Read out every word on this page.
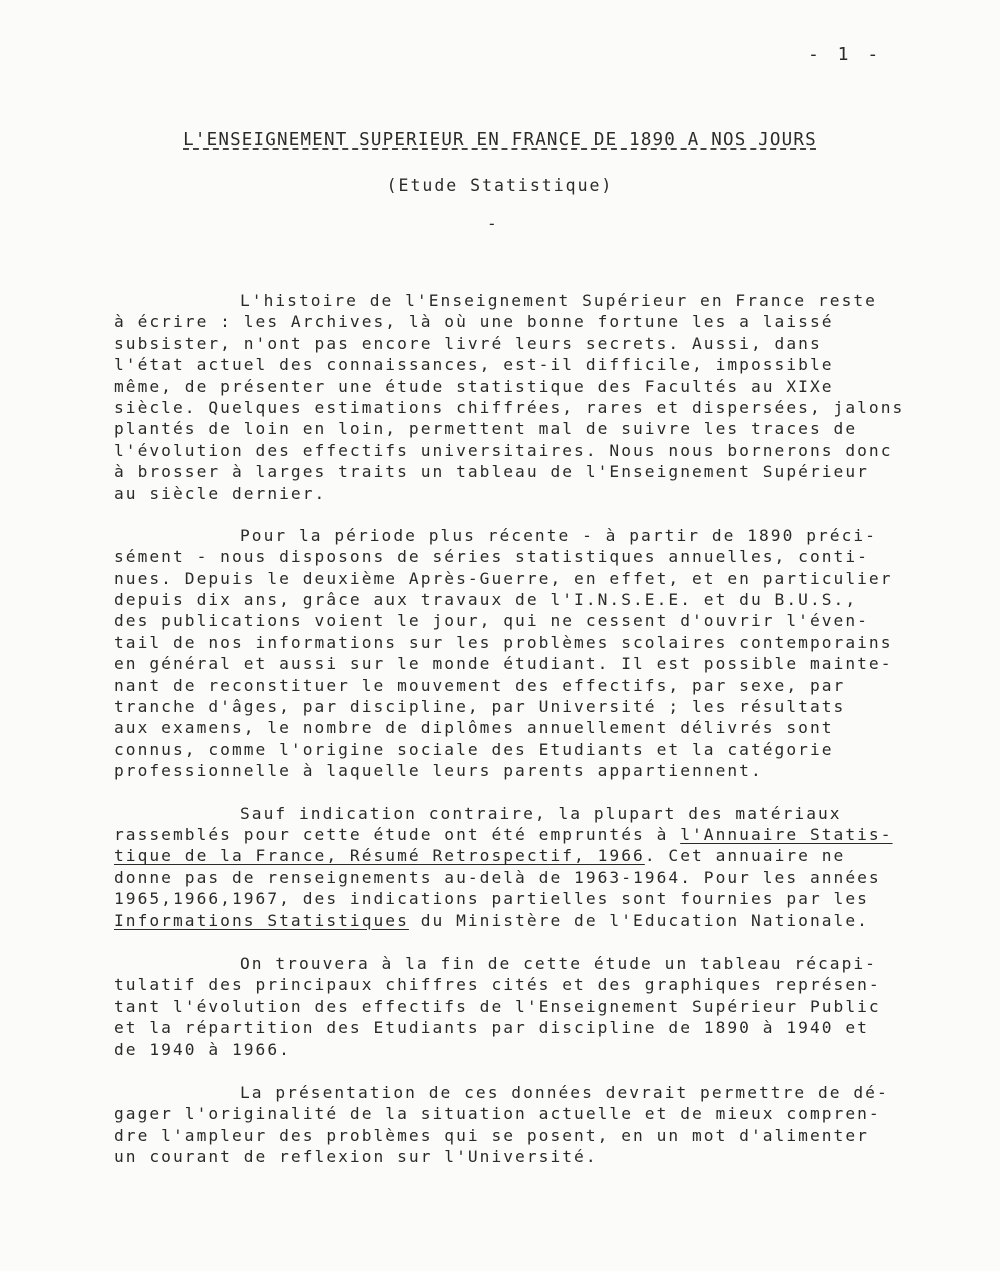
- 1 -
L'ENSEIGNEMENT SUPERIEUR EN FRANCE DE 1890 A NOS JOURS
(Etude Statistique)
-
L'histoire de l'Enseignement Supérieur en France reste
à écrire : les Archives, là où une bonne fortune les a laissé
subsister, n'ont pas encore livré leurs secrets. Aussi, dans
l'état actuel des connaissances, est-il difficile, impossible
même, de présenter une étude statistique des Facultés au XIXe
siècle. Quelques estimations chiffrées, rares et dispersées, jalons
plantés de loin en loin, permettent mal de suivre les traces de
l'évolution des effectifs universitaires. Nous nous bornerons donc
à brosser à larges traits un tableau de l'Enseignement Supérieur
au siècle dernier.
Pour la période plus récente - à partir de 1890 préci-
sément - nous disposons de séries statistiques annuelles, conti-
nues. Depuis le deuxième Après-Guerre, en effet, et en particulier
depuis dix ans, grâce aux travaux de l'I.N.S.E.E. et du B.U.S.,
des publications voient le jour, qui ne cessent d'ouvrir l'éven-
tail de nos informations sur les problèmes scolaires contemporains
en général et aussi sur le monde étudiant. Il est possible mainte-
nant de reconstituer le mouvement des effectifs, par sexe, par
tranche d'âges, par discipline, par Université ; les résultats
aux examens, le nombre de diplômes annuellement délivrés sont
connus, comme l'origine sociale des Etudiants et la catégorie
professionnelle à laquelle leurs parents appartiennent.
Sauf indication contraire, la plupart des matériaux
rassemblés pour cette étude ont été empruntés à l'Annuaire Statis-
tique de la France, Résumé Retrospectif, 1966. Cet annuaire ne
donne pas de renseignements au-delà de 1963-1964. Pour les années
1965,1966,1967, des indications partielles sont fournies par les
Informations Statistiques du Ministère de l'Education Nationale.
On trouvera à la fin de cette étude un tableau récapi-
tulatif des principaux chiffres cités et des graphiques représen-
tant l'évolution des effectifs de l'Enseignement Supérieur Public
et la répartition des Etudiants par discipline de 1890 à 1940 et
de 1940 à 1966.
La présentation de ces données devrait permettre de dé-
gager l'originalité de la situation actuelle et de mieux compren-
dre l'ampleur des problèmes qui se posent, en un mot d'alimenter
un courant de reflexion sur l'Université.
